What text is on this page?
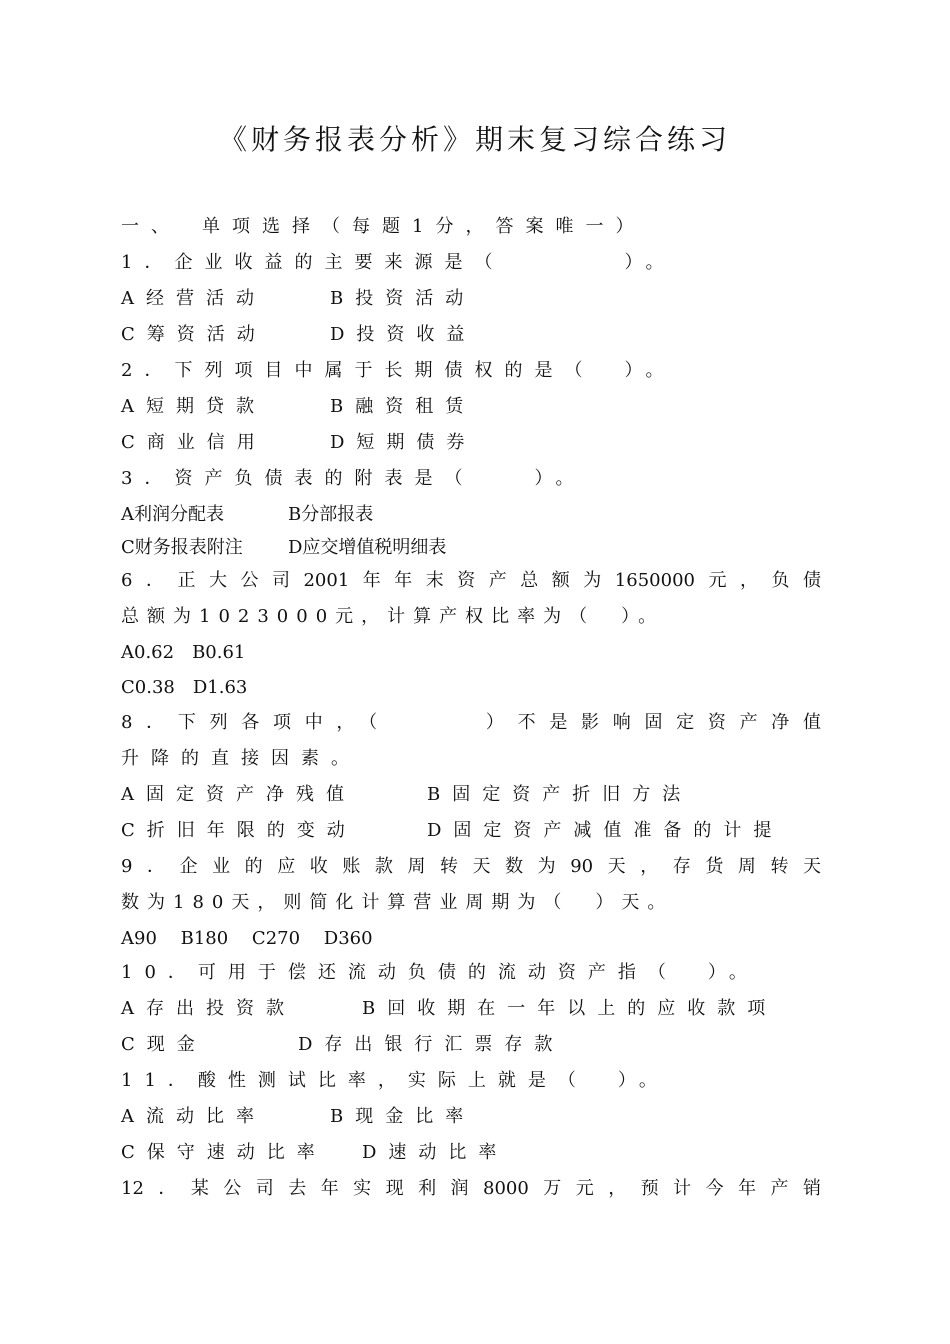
《财务报表分析》期末复习综合练习
一、　单项选择（每题1分，答案唯一）
1．企业收益的主要来源是（　　　　）。
A经营活动	B投资活动
C筹资活动	D投资收益
2．下列项目中属于长期债权的是（　）。
A短期贷款	B融资租赁
C商业信用	D短期债券
3．资产负债表的附表是（　　）。
A利润分配表	B分部报表
C财务报表附注	D应交增值税明细表
6．正大公司2001年年末资产总额为1650000元，负债
总额为1023000元，计算产权比率为（　）。
A0.62　B0.61
C0.38　D1.63
8．下列各项中，（　　　）不是影响固定资产净值
升降的直接因素。
A固定资产净残值	B固定资产折旧方法
C折旧年限的变动	D固定资产减值准备的计提
9．企业的应收账款周转天数为90天，存货周转天
数为180天，则简化计算营业周期为（　）天。
A90　 B180　 C270　 D360
10．可用于偿还流动负债的流动资产指（　）。
A存出投资款	B回收期在一年以上的应收款项
C现金	D存出银行汇票存款
11．酸性测试比率，实际上就是（　）。
A流动比率	B现金比率
C保守速动比率 D速动比率
12．某公司去年实现利润8000万元，预计今年产销
